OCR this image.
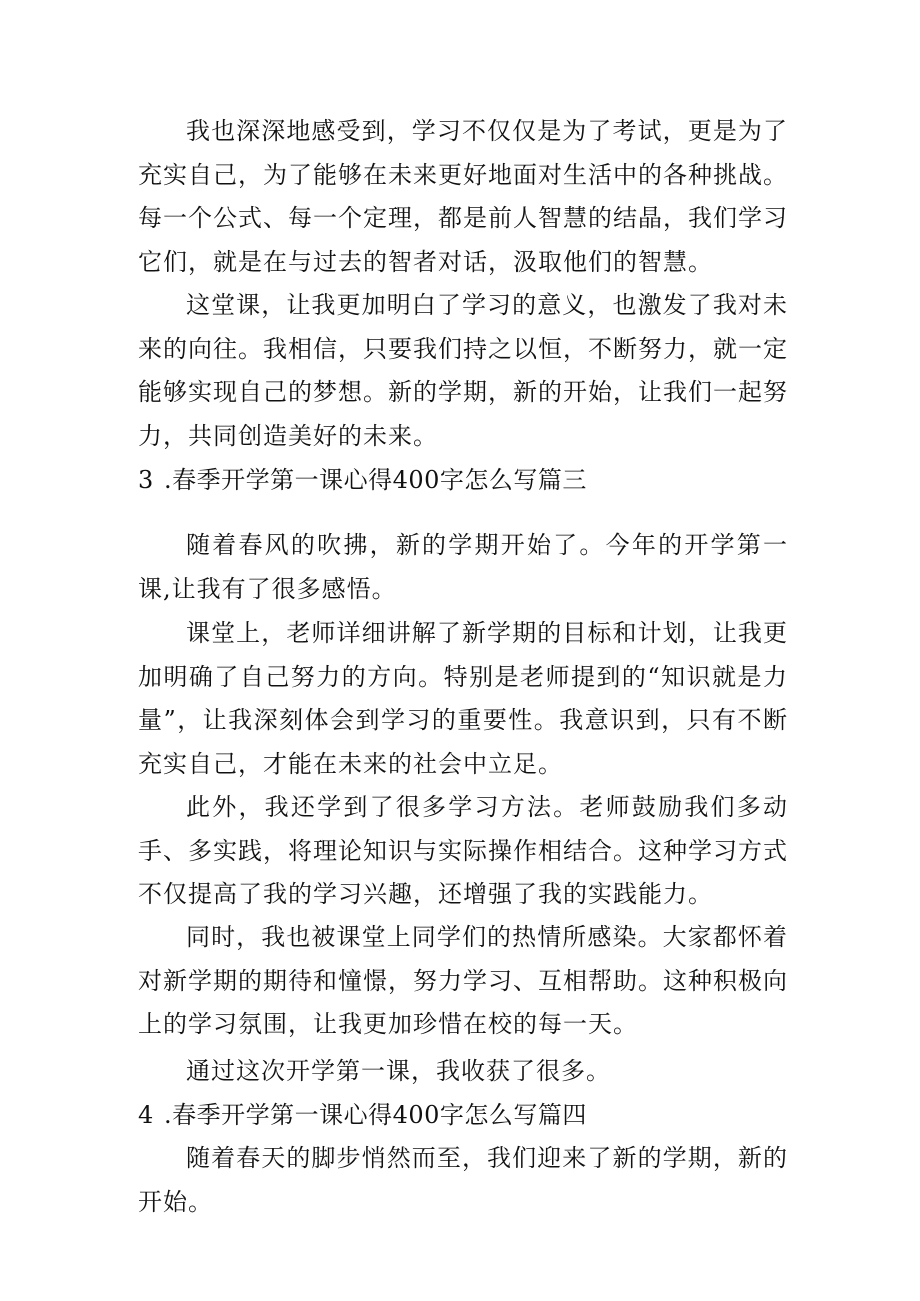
我也深深地感受到，学习不仅仅是为了考试，更是为了充实自己，为了能够在未来更好地面对生活中的各种挑战。每一个公式、每一个定理，都是前人智慧的结晶，我们学习它们，就是在与过去的智者对话，汲取他们的智慧。

这堂课，让我更加明白了学习的意义，也激发了我对未来的向往。我相信，只要我们持之以恒，不断努力，就一定能够实现自己的梦想。新的学期，新的开始，让我们一起努力，共同创造美好的未来。

3 .春季开学第一课心得400字怎么写篇三

随着春风的吹拂，新的学期开始了。今年的开学第一课,让我有了很多感悟。

课堂上，老师详细讲解了新学期的目标和计划，让我更加明确了自己努力的方向。特别是老师提到的“知识就是力量”，让我深刻体会到学习的重要性。我意识到，只有不断充实自己，才能在未来的社会中立足。

此外，我还学到了很多学习方法。老师鼓励我们多动手、多实践，将理论知识与实际操作相结合。这种学习方式不仅提高了我的学习兴趣，还增强了我的实践能力。

同时，我也被课堂上同学们的热情所感染。大家都怀着对新学期的期待和憧憬，努力学习、互相帮助。这种积极向上的学习氛围，让我更加珍惜在校的每一天。

通过这次开学第一课，我收获了很多。

4 .春季开学第一课心得400字怎么写篇四

随着春天的脚步悄然而至，我们迎来了新的学期，新的开始。
